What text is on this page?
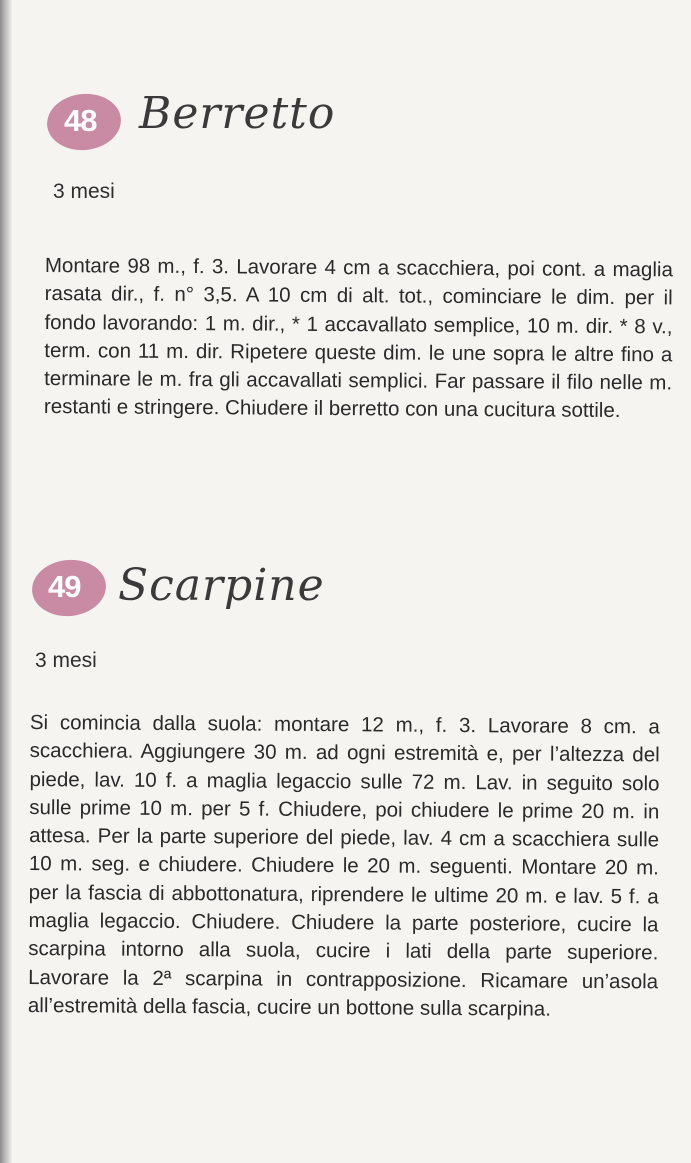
48 Berretto
3 mesi

Montare 98 m., f. 3. Lavorare 4 cm a scacchiera, poi cont. a maglia rasata dir., f. n° 3,5. A 10 cm di alt. tot., cominciare le dim. per il fondo lavorando: 1 m. dir., * 1 accavallato semplice, 10 m. dir. * 8 v., term. con 11 m. dir. Ripetere queste dim. le une sopra le altre fino a terminare le m. fra gli accavallati semplici. Far passare il filo nelle m. restanti e stringere. Chiudere il berretto con una cucitura sottile.

49 Scarpine
3 mesi

Si comincia dalla suola: montare 12 m., f. 3. Lavorare 8 cm. a scacchiera. Aggiungere 30 m. ad ogni estremità e, per l’altezza del piede, lav. 10 f. a maglia legaccio sulle 72 m. Lav. in seguito solo sulle prime 10 m. per 5 f. Chiudere, poi chiudere le prime 20 m. in attesa. Per la parte superiore del piede, lav. 4 cm a scacchiera sulle 10 m. seg. e chiudere. Chiudere le 20 m. seguenti. Montare 20 m. per la fascia di abbottonatura, riprendere le ultime 20 m. e lav. 5 f. a maglia legaccio. Chiudere. Chiudere la parte posteriore, cucire la scarpina intorno alla suola, cucire i lati della parte superiore. Lavorare la 2ª scarpina in contrapposizione. Ricamare un’asola all’estremità della fascia, cucire un bottone sulla scarpina.
